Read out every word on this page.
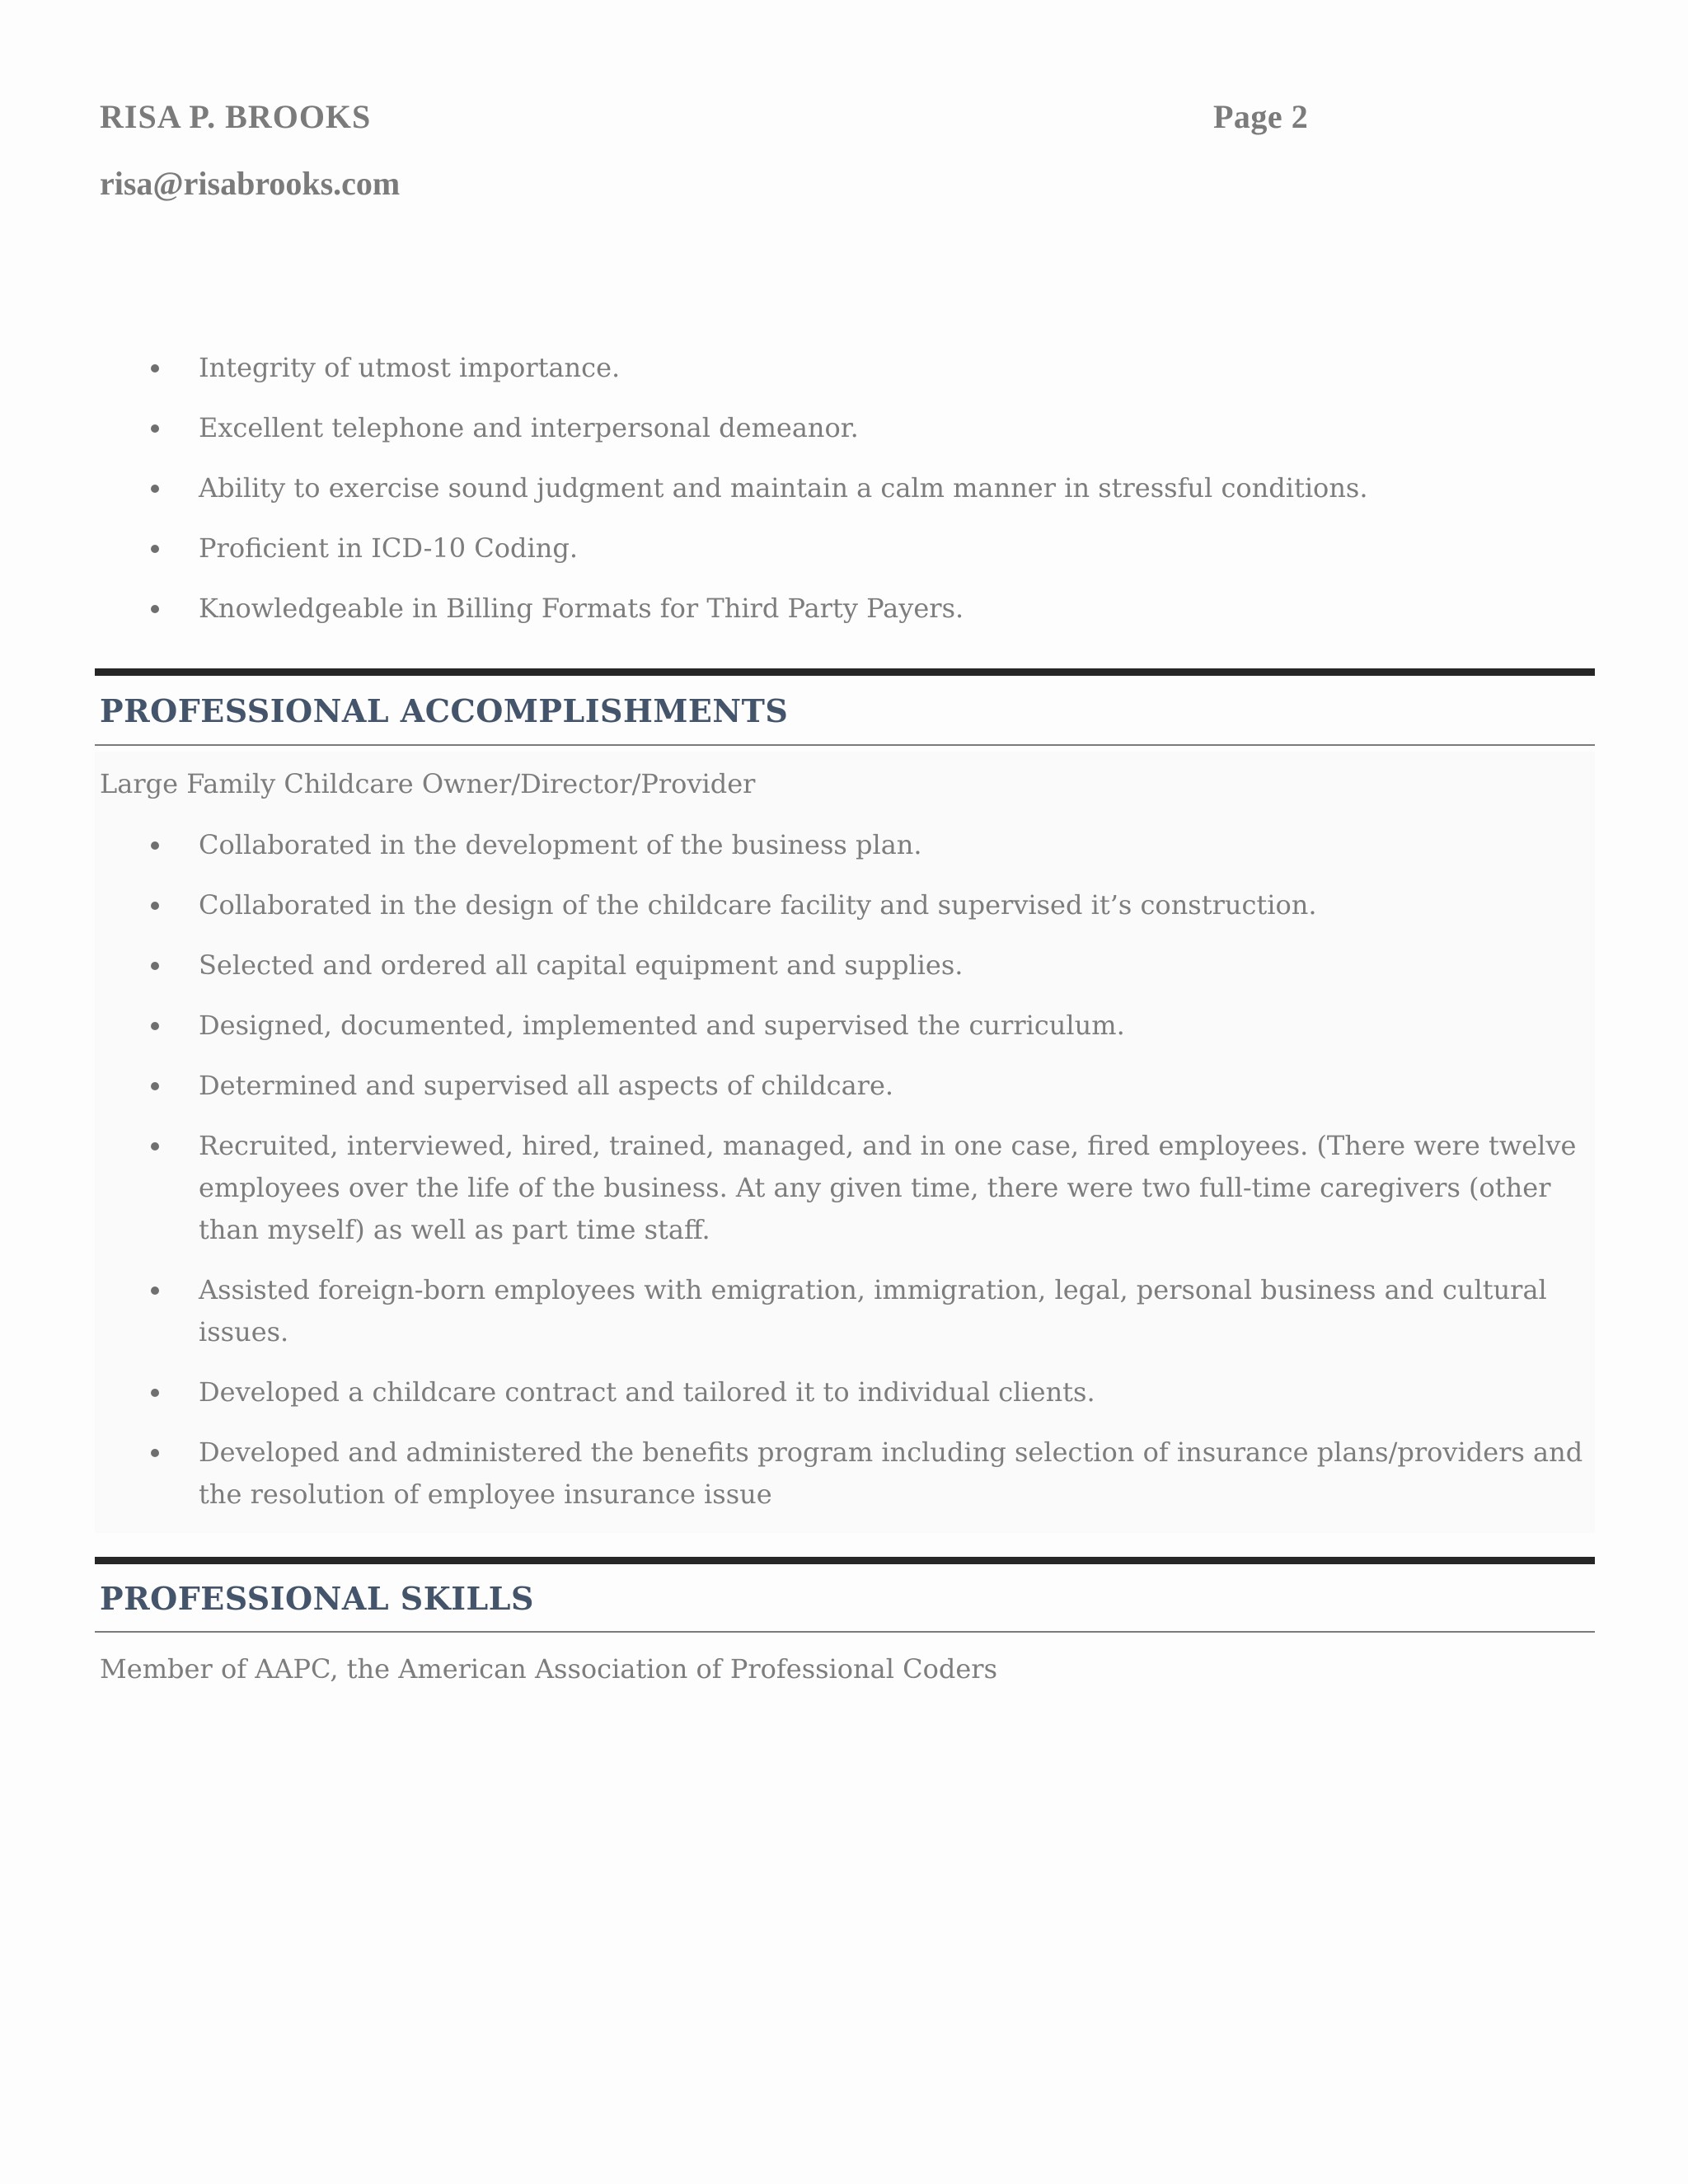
RISA P. BROOKS	Page 2
risa@risabrooks.com
Integrity of utmost importance.
Excellent telephone and interpersonal demeanor.
Ability to exercise sound judgment and maintain a calm manner in stressful conditions.
Proficient in ICD-10 Coding.
Knowledgeable in Billing Formats for Third Party Payers.
PROFESSIONAL ACCOMPLISHMENTS
Large Family Childcare Owner/Director/Provider
Collaborated in the development of the business plan.
Collaborated in the design of the childcare facility and supervised it’s construction.
Selected and ordered all capital equipment and supplies.
Designed, documented, implemented and supervised the curriculum.
Determined and supervised all aspects of childcare.
Recruited, interviewed, hired, trained, managed, and in one case, fired employees. (There were twelve employees over the life of the business. At any given time, there were two full-time caregivers (other than myself) as well as part time staff.
Assisted foreign-born employees with emigration, immigration, legal, personal business and cultural issues.
Developed a childcare contract and tailored it to individual clients.
Developed and administered the benefits program including selection of insurance plans/providers and the resolution of employee insurance issue
PROFESSIONAL SKILLS
Member of AAPC, the American Association of Professional Coders
